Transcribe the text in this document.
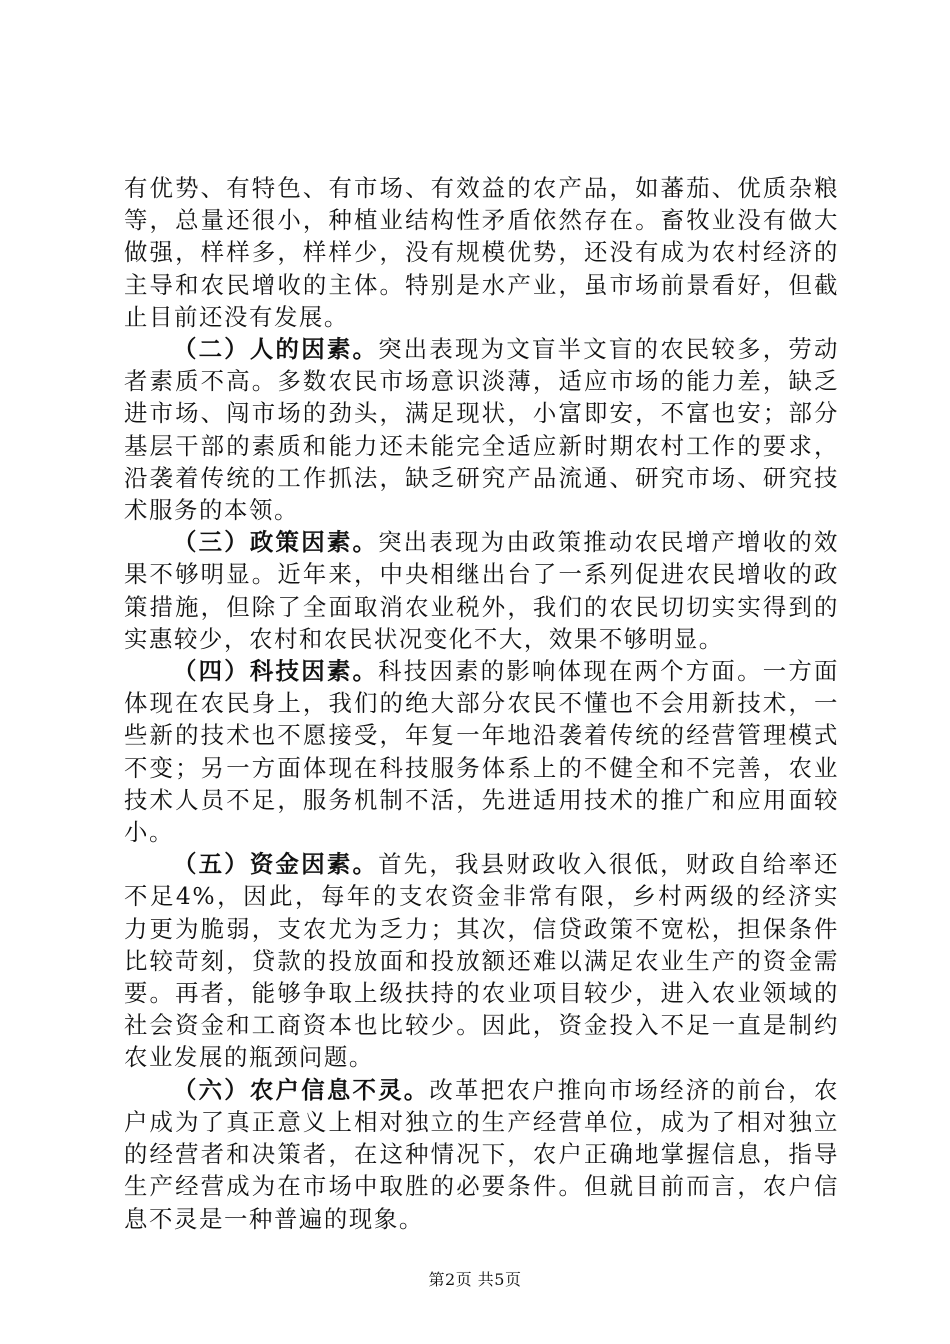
有优势、有特色、有市场、有效益的农产品，如蕃茄、优质杂粮等，总量还很小，种植业结构性矛盾依然存在。畜牧业没有做大做强，样样多，样样少，没有规模优势，还没有成为农村经济的主导和农民增收的主体。特别是水产业，虽市场前景看好，但截止目前还没有发展。

（二）人的因素。突出表现为文盲半文盲的农民较多，劳动者素质不高。多数农民市场意识淡薄，适应市场的能力差，缺乏进市场、闯市场的劲头，满足现状，小富即安，不富也安；部分基层干部的素质和能力还未能完全适应新时期农村工作的要求，沿袭着传统的工作抓法，缺乏研究产品流通、研究市场、研究技术服务的本领。

（三）政策因素。突出表现为由政策推动农民增产增收的效果不够明显。近年来，中央相继出台了一系列促进农民增收的政策措施，但除了全面取消农业税外，我们的农民切切实实得到的实惠较少，农村和农民状况变化不大，效果不够明显。

（四）科技因素。科技因素的影响体现在两个方面。一方面体现在农民身上，我们的绝大部分农民不懂也不会用新技术，一些新的技术也不愿接受，年复一年地沿袭着传统的经营管理模式不变；另一方面体现在科技服务体系上的不健全和不完善，农业技术人员不足，服务机制不活，先进适用技术的推广和应用面较小。

（五）资金因素。首先，我县财政收入很低，财政自给率还不足4%，因此，每年的支农资金非常有限，乡村两级的经济实力更为脆弱，支农尤为乏力；其次，信贷政策不宽松，担保条件比较苛刻，贷款的投放面和投放额还难以满足农业生产的资金需要。再者，能够争取上级扶持的农业项目较少，进入农业领域的社会资金和工商资本也比较少。因此，资金投入不足一直是制约农业发展的瓶颈问题。

（六）农户信息不灵。改革把农户推向市场经济的前台，农户成为了真正意义上相对独立的生产经营单位，成为了相对独立的经营者和决策者，在这种情况下，农户正确地掌握信息，指导生产经营成为在市场中取胜的必要条件。但就目前而言，农户信息不灵是一种普遍的现象。

第2页 共5页
